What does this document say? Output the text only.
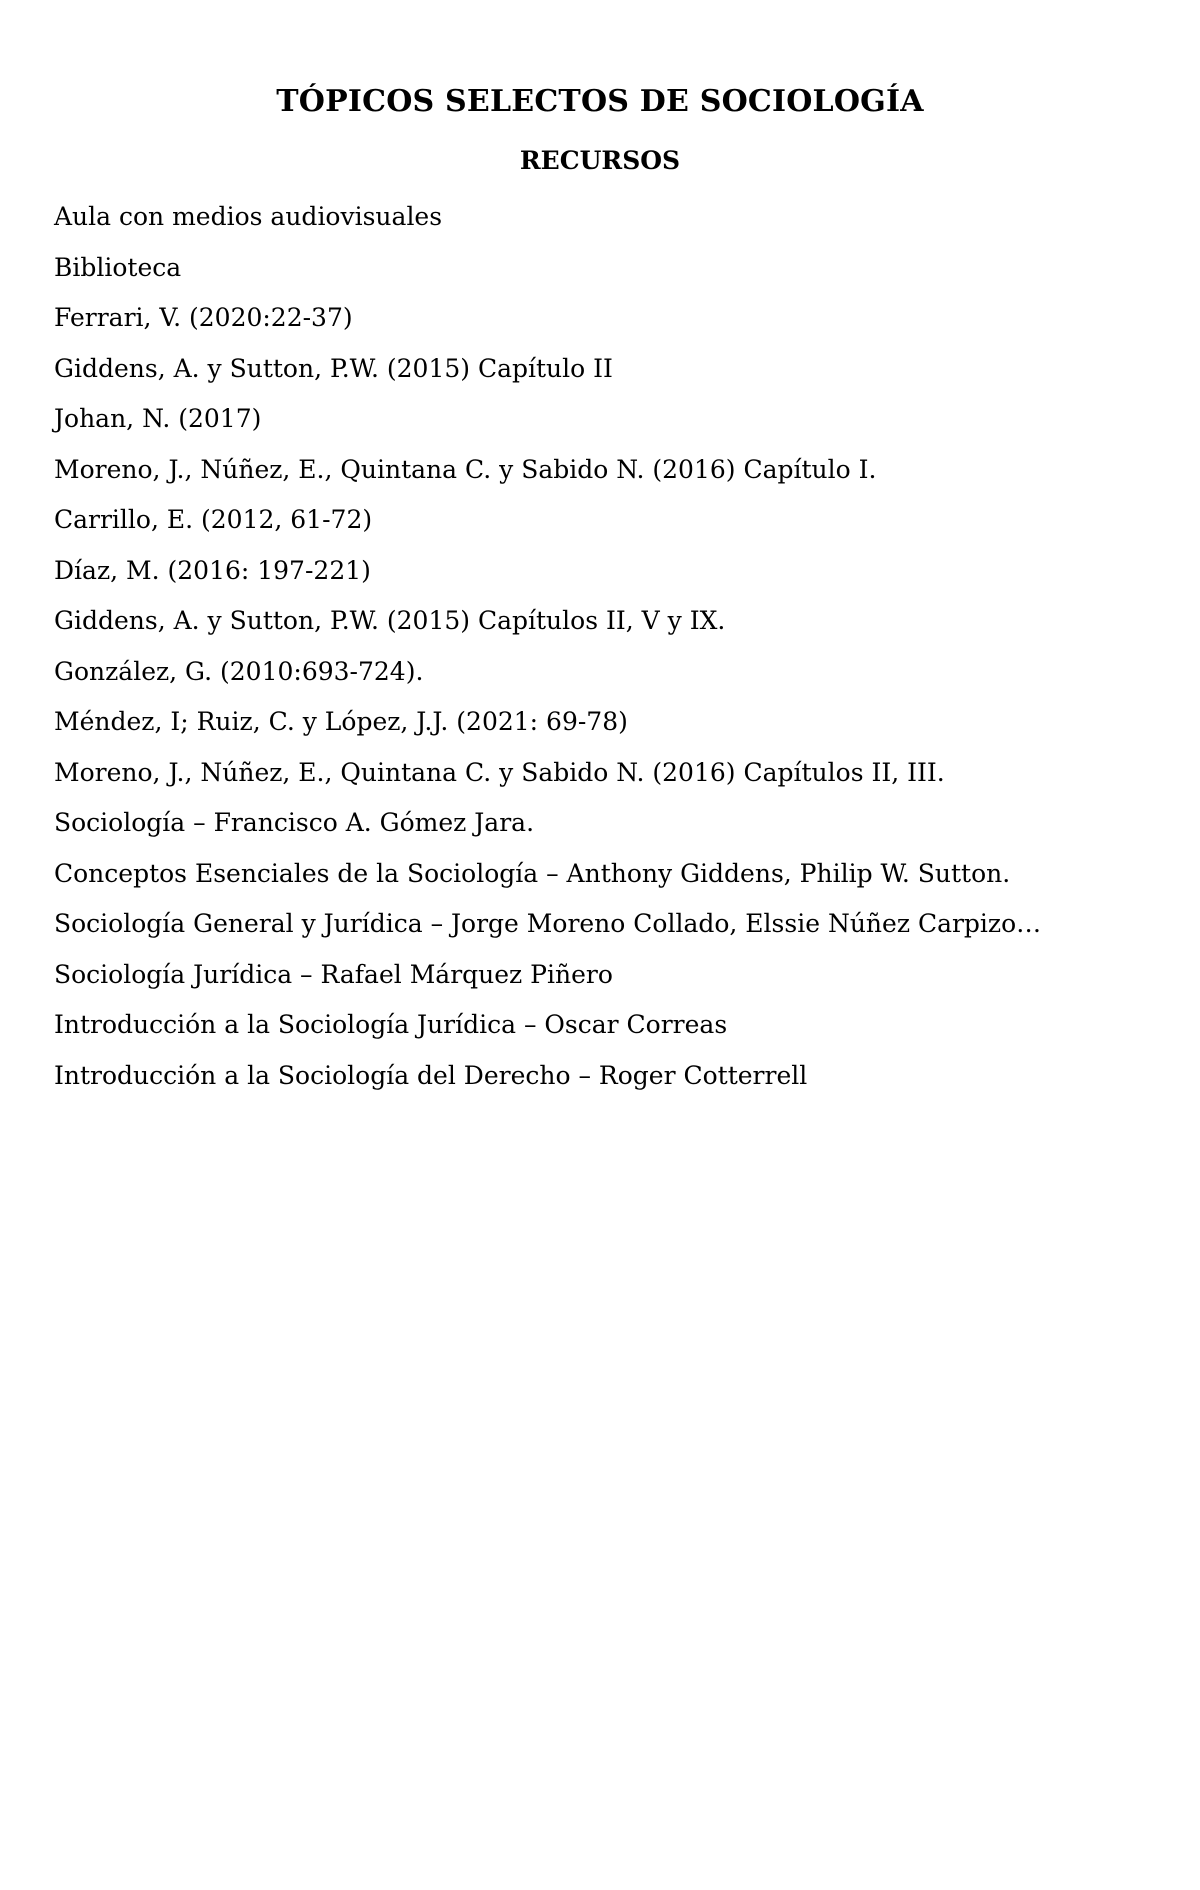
TÓPICOS SELECTOS DE SOCIOLOGÍA
RECURSOS
Aula con medios audiovisuales
Biblioteca
Ferrari, V. (2020:22-37)
Giddens, A. y Sutton, P.W. (2015) Capítulo II
Johan, N. (2017)
Moreno, J., Núñez, E., Quintana C. y Sabido N. (2016) Capítulo I.
Carrillo, E. (2012, 61-72)
Díaz, M. (2016: 197-221)
Giddens, A. y Sutton, P.W. (2015) Capítulos II, V y IX.
González, G. (2010:693-724).
Méndez, I; Ruiz, C. y López, J.J. (2021: 69-78)
Moreno, J., Núñez, E., Quintana C. y Sabido N. (2016) Capítulos II, III.
Sociología – Francisco A. Gómez Jara.
Conceptos Esenciales de la Sociología – Anthony Giddens, Philip W. Sutton.
Sociología General y Jurídica – Jorge Moreno Collado, Elssie Núñez Carpizo…
Sociología Jurídica – Rafael Márquez Piñero
Introducción a la Sociología Jurídica – Oscar Correas
Introducción a la Sociología del Derecho – Roger Cotterrell
